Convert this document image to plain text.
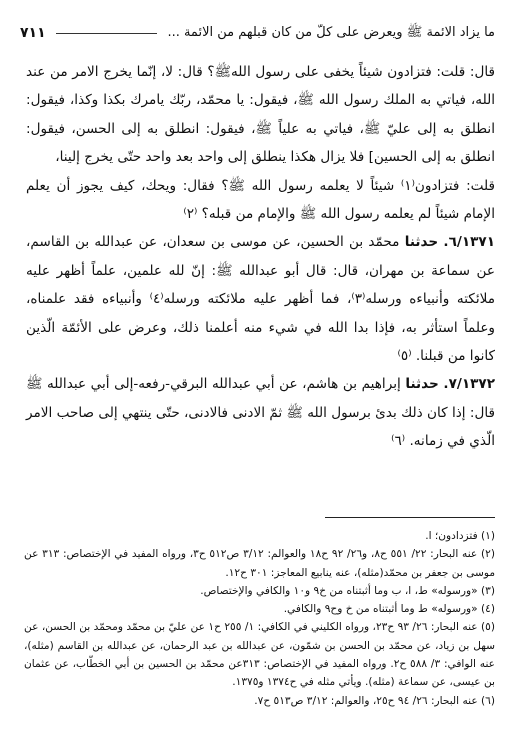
ما يزاد الائمة ﷺ ويعرض على كلّ من كان قبلهم من الائمة ...
٧١١

قال: قلت: فتزادون شيئاً يخفى على رسول اللهﷺ؟ قال: لا، إنّما يخرج الامر من عند الله، فياتي به الملك رسول الله ﷺ، فيقول: يا محمّد، ربّك يامرك بكذا وكذا، فيقول: انطلق به إلى عليّ ﷺ، فياتي به علياً ﷺ، فيقول: انطلق به إلى الحسن، فيقول: انطلق به إلى الحسين] فلا يزال هكذا ينطلق إلى واحد بعد واحد حتّى يخرج إلينا،

قلت: فتزادون⁽١⁾ شيئاً لا يعلمه رسول الله ﷺ؟ فقال: ويحك، كيف يجوز أن يعلم الإمام شيئاً لم يعلمه رسول الله ﷺ والإمام من قبله؟ ⁽٢⁾

٦/١٣٧١. حدثنا محمّد بن الحسين، عن موسى بن سعدان، عن عبدالله بن القاسم، عن سماعة بن مهران، قال: قال أبو عبدالله ﷺ: إنّ لله علمين، علماً أظهر عليه ملائكته وأنبياءه ورسله⁽٣⁾، فما أظهر عليه ملائكته ورسله⁽٤⁾ وأنبياءه فقد علمناه، وعلماً استأثر به، فإذا بدا الله في شيء منه أعلمنا ذلك، وعرض على الأئمّة الّذين كانوا من قبلنا. ⁽٥⁾

٧/١٣٧٢. حدثنا إبراهيم بن هاشم، عن أبي عبدالله البرقي-رفعه-إلى أبي عبدالله ﷺ قال: إذا كان ذلك بدئ برسول الله ﷺ ثمّ الادنى فالادنى، حتّى ينتهي إلى صاحب الامر الّذي في زمانه. ⁽٦⁾

(١) فتزدادون؛ ا.

(٢) عنه البحار: ٢٢/ ٥٥١ ح٨، و٢٦/ ٩٢ ح١٨ والعوالم: ٣/١٢ ص٥١٢ ح٣، ورواه المفيد في الإختصاص: ٣١٣ عن موسى بن جعفر بن محمّد(مثله)، عنه ينابيع المعاجز: ٣٠١ ح١٢.

(٣) «ورسوله» ط، ا، ب وما أثبتناه من خ٩ و١٠ والكافي والإختصاص.

(٤) «ورسوله» ط وما أثبتناه من خ وح٩ والكافي.

(٥) عنه البحار: ٢٦/ ٩٣ ح٢٣، ورواه الكليني في الكافي: ١/ ٢٥٥ ح١ عن عليّ بن محمّد ومحمّد بن الحسن، عن سهل بن زياد، عن محمّد بن الحسن بن شمّون، عن عبدالله بن عبد الرحمان، عن عبدالله بن القاسم (مثله)، عنه الوافي: ٣/ ٥٨٨ ح٢. ورواه المفيد في الإختصاص: ٣١٣عن محمّد بن الحسين بن أبي الخطّاب، عن عثمان بن عيسى، عن سماعة (مثله). ويأتي مثله في ح١٣٧٤ و١٣٧٥.

(٦) عنه البحار: ٢٦/ ٩٤ ح٢٥، والعوالم: ٣/١٢ ص٥١٣ ح٧.
